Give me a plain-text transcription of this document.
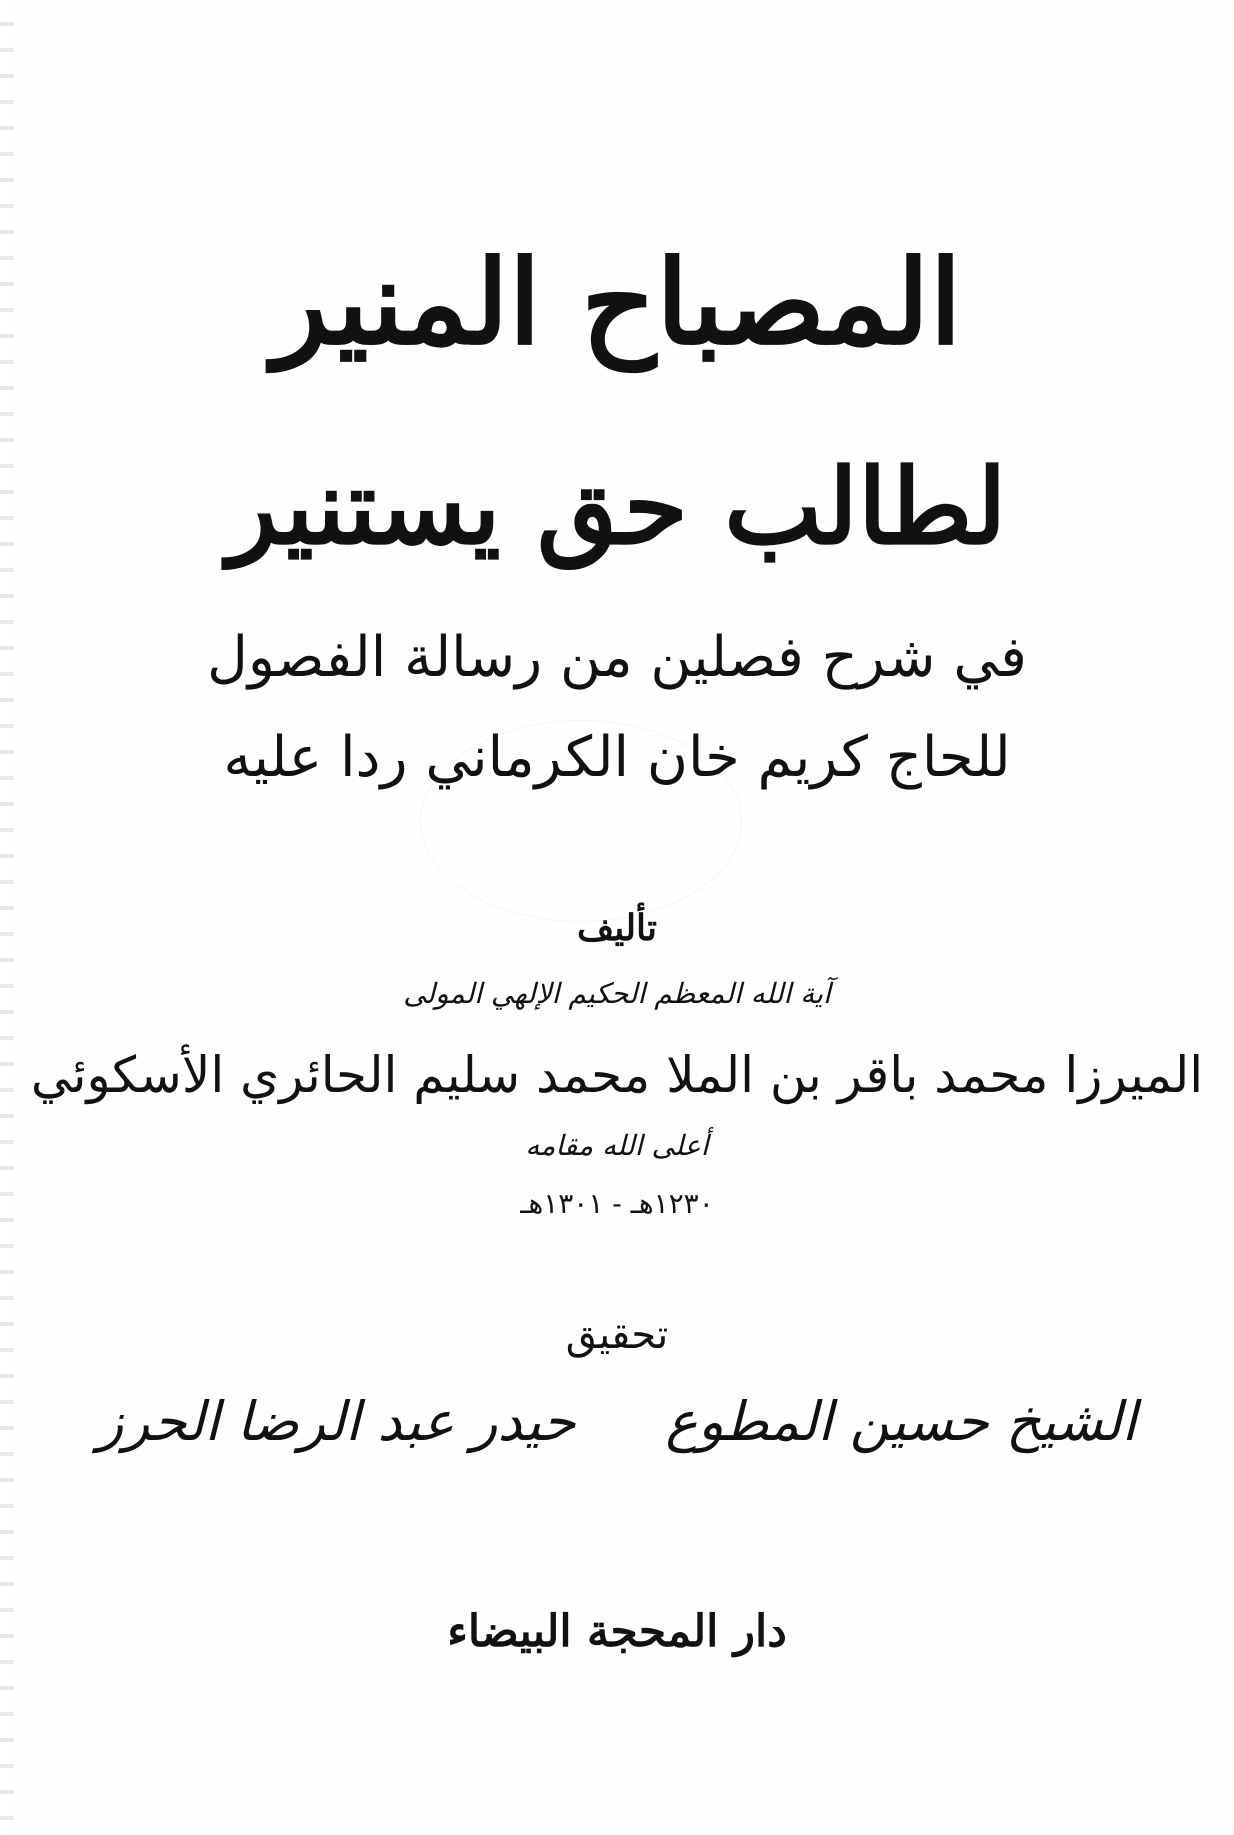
المصباح المنير
لطالب حق يستنير
في شرح فصلين من رسالة الفصول
للحاج كريم خان الكرماني ردا عليه
تأليف
آية الله المعظم الحكيم الإلهي المولى
الميرزا محمد باقر بن الملا محمد سليم الحائري الأسكوئي
أعلى الله مقامه
١٢٣٠هـ - ١٣٠١هـ
تحقيق
الشيخ حسين المطوعحيدر عبد الرضا الحرز
دار المحجة البيضاء
